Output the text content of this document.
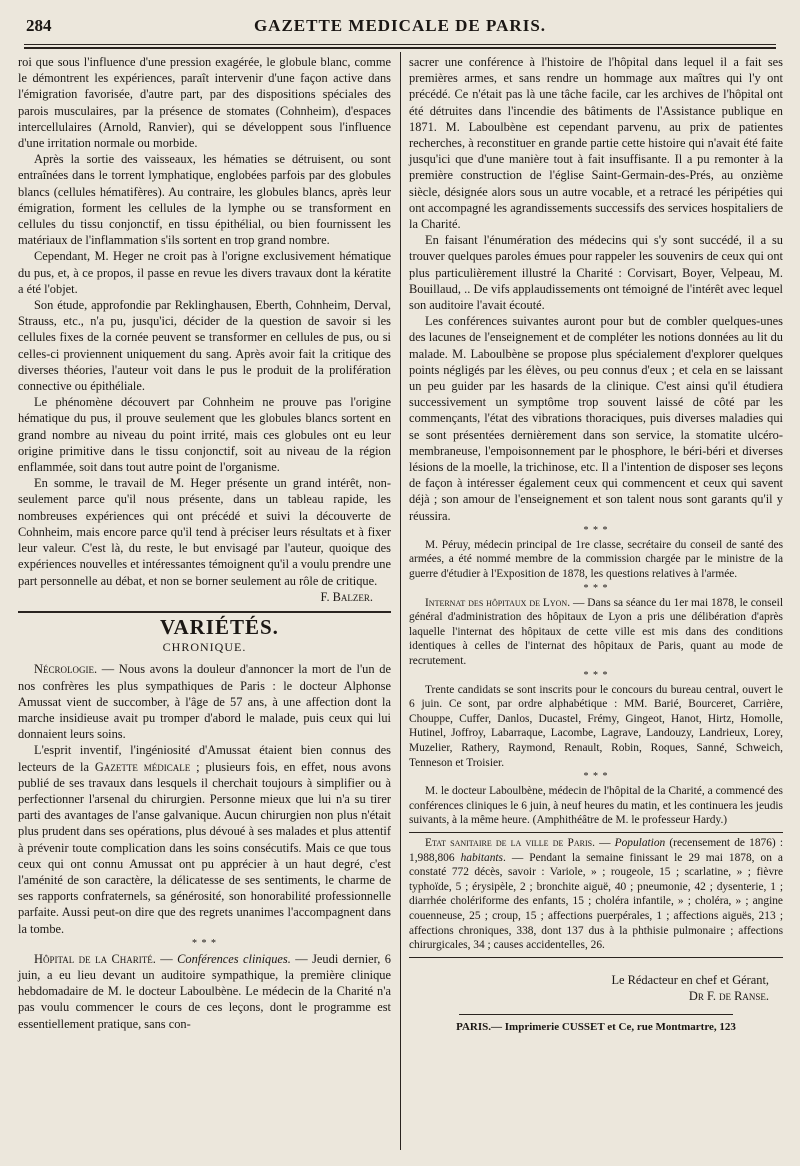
284	GAZETTE MEDICALE DE PARIS.

roi que sous l'influence d'une pression exagérée, le globule blanc, comme le démontrent les expériences, paraît intervenir d'une façon active dans l'émigration favorisée, d'autre part, par des dispositions spéciales des parois musculaires, par la présence de stomates (Cohnheim), d'espaces intercellulaires (Arnold, Ranvier), qui se développent sous l'influence d'une irritation normale ou morbide.

Après la sortie des vaisseaux, les hématies se détruisent, ou sont entraînées dans le torrent lymphatique, englobées parfois par des globules blancs (cellules hématifères). Au contraire, les globules blancs, après leur émigration, forment les cellules de la lymphe ou se transforment en cellules du tissu conjonctif, en tissu épithélial, ou bien fournissent les matériaux de l'inflammation s'ils sortent en trop grand nombre.

Cependant, M. Heger ne croit pas à l'origne exclusivement hématique du pus, et, à ce propos, il passe en revue les divers travaux dont la kératite a été l'objet.

Son étude, approfondie par Reklinghausen, Eberth, Cohnheim, Derval, Strauss, etc., n'a pu, jusqu'ici, décider de la question de savoir si les cellules fixes de la cornée peuvent se transformer en cellules de pus, ou si celles-ci proviennent uniquement du sang. Après avoir fait la critique des diverses théories, l'auteur voit dans le pus le produit de la prolifération connective ou épithéliale.

Le phénomène découvert par Cohnheim ne prouve pas l'origine hématique du pus, il prouve seulement que les globules blancs sortent en grand nombre au niveau du point irrité, mais ces globules ont eu leur origine primitive dans le tissu conjonctif, soit au niveau de la région enflammée, soit dans tout autre point de l'organisme.

En somme, le travail de M. Heger présente un grand intérêt, non-seulement parce qu'il nous présente, dans un tableau rapide, les nombreuses expériences qui ont précédé et suivi la découverte de Cohnheim, mais encore parce qu'il tend à préciser leurs résultats et à fixer leur valeur. C'est là, du reste, le but envisagé par l'auteur, quoique des expériences nouvelles et intéressantes témoignent qu'il a voulu prendre une part personnelle au débat, et non se borner seulement au rôle de critique.

F. Balzer.
VARIÉTÉS.
CHRONIQUE.

Nécrologie. — Nous avons la douleur d'annoncer la mort de l'un de nos confrères les plus sympathiques de Paris : le docteur Alphonse Amussat vient de succomber, à l'âge de 57 ans, à une affection dont la marche insidieuse avait pu tromper d'abord le malade, puis ceux qui lui donnaient leurs soins.

L'esprit inventif, l'ingéniosité d'Amussat étaient bien connus des lecteurs de la Gazette médicale ; plusieurs fois, en effet, nous avons publié de ses travaux dans lesquels il cherchait toujours à simplifier ou à perfectionner l'arsenal du chirurgien. Personne mieux que lui n'a su tirer parti des avantages de l'anse galvanique. Aucun chirurgien non plus n'était plus prudent dans ses opérations, plus dévoué à ses malades et plus attentif à prévenir toute complication dans les soins consécutifs. Mais ce que tous ceux qui ont connu Amussat ont pu apprécier à un haut degré, c'est l'aménité de son caractère, la délicatesse de ses sentiments, le charme de ses rapports confraternels, sa générosité, son honorabilité professionnelle parfaite. Aussi peut-on dire que des regrets unanimes l'accompagnent dans la tombe.

* * *

Hôpital de la Charité. — Conférences cliniques. — Jeudi dernier, 6 juin, a eu lieu devant un auditoire sympathique, la première clinique hebdomadaire de M. le docteur Laboulbène. Le médecin de la Charité n'a pas voulu commencer le cours de ces leçons, dont le programme est essentiellement pratique, sans con-

sacrer une conférence à l'histoire de l'hôpital dans lequel il a fait ses premières armes, et sans rendre un hommage aux maîtres qui l'y ont précédé. Ce n'était pas là une tâche facile, car les archives de l'hôpital ont été détruites dans l'incendie des bâtiments de l'Assistance publique en 1871. M. Laboulbène est cependant parvenu, au prix de patientes recherches, à reconstituer en grande partie cette histoire qui n'avait été faite jusqu'ici que d'une manière tout à fait insuffisante. Il a pu remonter à la première construction de l'église Saint-Germain-des-Prés, au onzième siècle, désignée alors sous un autre vocable, et a retracé les péripéties qui ont accompagné les agrandissements successifs des services hospitaliers de la Charité.

En faisant l'énumération des médecins qui s'y sont succédé, il a su trouver quelques paroles émues pour rappeler les souvenirs de ceux qui ont plus particulièrement illustré la Charité : Corvisart, Boyer, Velpeau, M. Bouillaud, .. De vifs applaudissements ont témoigné de l'intérêt avec lequel son auditoire l'avait écouté.

Les conférences suivantes auront pour but de combler quelques-unes des lacunes de l'enseignement et de compléter les notions données au lit du malade. M. Laboulbène se propose plus spécialement d'explorer quelques points négligés par les élèves, ou peu connus d'eux ; et cela en se laissant un peu guider par les hasards de la clinique. C'est ainsi qu'il étudiera successivement un symptôme trop souvent laissé de côté par les commençants, l'état des vibrations thoraciques, puis diverses maladies qui se sont présentées dernièrement dans son service, la stomatite ulcéro-membraneuse, l'empoisonnement par le phosphore, le béri-béri et diverses lésions de la moelle, la trichinose, etc. Il a l'intention de disposer ses leçons de façon à intéresser également ceux qui commencent et ceux qui savent déjà ; son amour de l'enseignement et son talent nous sont garants qu'il y réussira.

* * *

M. Péruy, médecin principal de 1re classe, secrétaire du conseil de santé des armées, a été nommé membre de la commission chargée par le ministre de la guerre d'étudier à l'Exposition de 1878, les questions relatives à l'armée.

* * *

Internat des hôpitaux de Lyon. — Dans sa séance du 1er mai 1878, le conseil général d'administration des hôpitaux de Lyon a pris une délibération d'après laquelle l'internat des hôpitaux de cette ville est mis dans des conditions identiques à celles de l'internat des hôpitaux de Paris, quant au mode de recrutement.

* * *

Trente candidats se sont inscrits pour le concours du bureau central, ouvert le 6 juin. Ce sont, par ordre alphabétique : MM. Barié, Bourceret, Carrière, Chouppe, Cuffer, Danlos, Ducastel, Frémy, Gingeot, Hanot, Hirtz, Homolle, Hutinel, Joffroy, Labarraque, Lacombe, Lagrave, Landouzy, Landrieux, Lorey, Muzelier, Rathery, Raymond, Renault, Robin, Roques, Sanné, Schweich, Tenneson et Troisier.

* * *

M. le docteur Laboulbène, médecin de l'hôpital de la Charité, a commencé des conférences cliniques le 6 juin, à neuf heures du matin, et les continuera les jeudis suivants, à la même heure. (Amphithéâtre de M. le professeur Hardy.)

Etat sanitaire de la ville de Paris. — Population (recensement de 1876) : 1,988,806 habitants. — Pendant la semaine finissant le 29 mai 1878, on a constaté 772 décès, savoir : Variole, » ; rougeole, 15 ; scarlatine, » ; fièvre typhoïde, 5 ; érysipèle, 2 ; bronchite aiguë, 40 ; pneumonie, 42 ; dysenterie, 1 ; diarrhée cholériforme des enfants, 15 ; choléra infantile, » ; choléra, » ; angine couenneuse, 25 ; croup, 15 ; affections puerpérales, 1 ; affections aiguës, 213 ; affections chroniques, 338, dont 137 dus à la phthisie pulmonaire ; affections chirurgicales, 34 ; causes accidentelles, 26.

Le Rédacteur en chef et Gérant,
Dr F. de Ranse.
PARIS.— Imprimerie CUSSET et Ce, rue Montmartre, 123
